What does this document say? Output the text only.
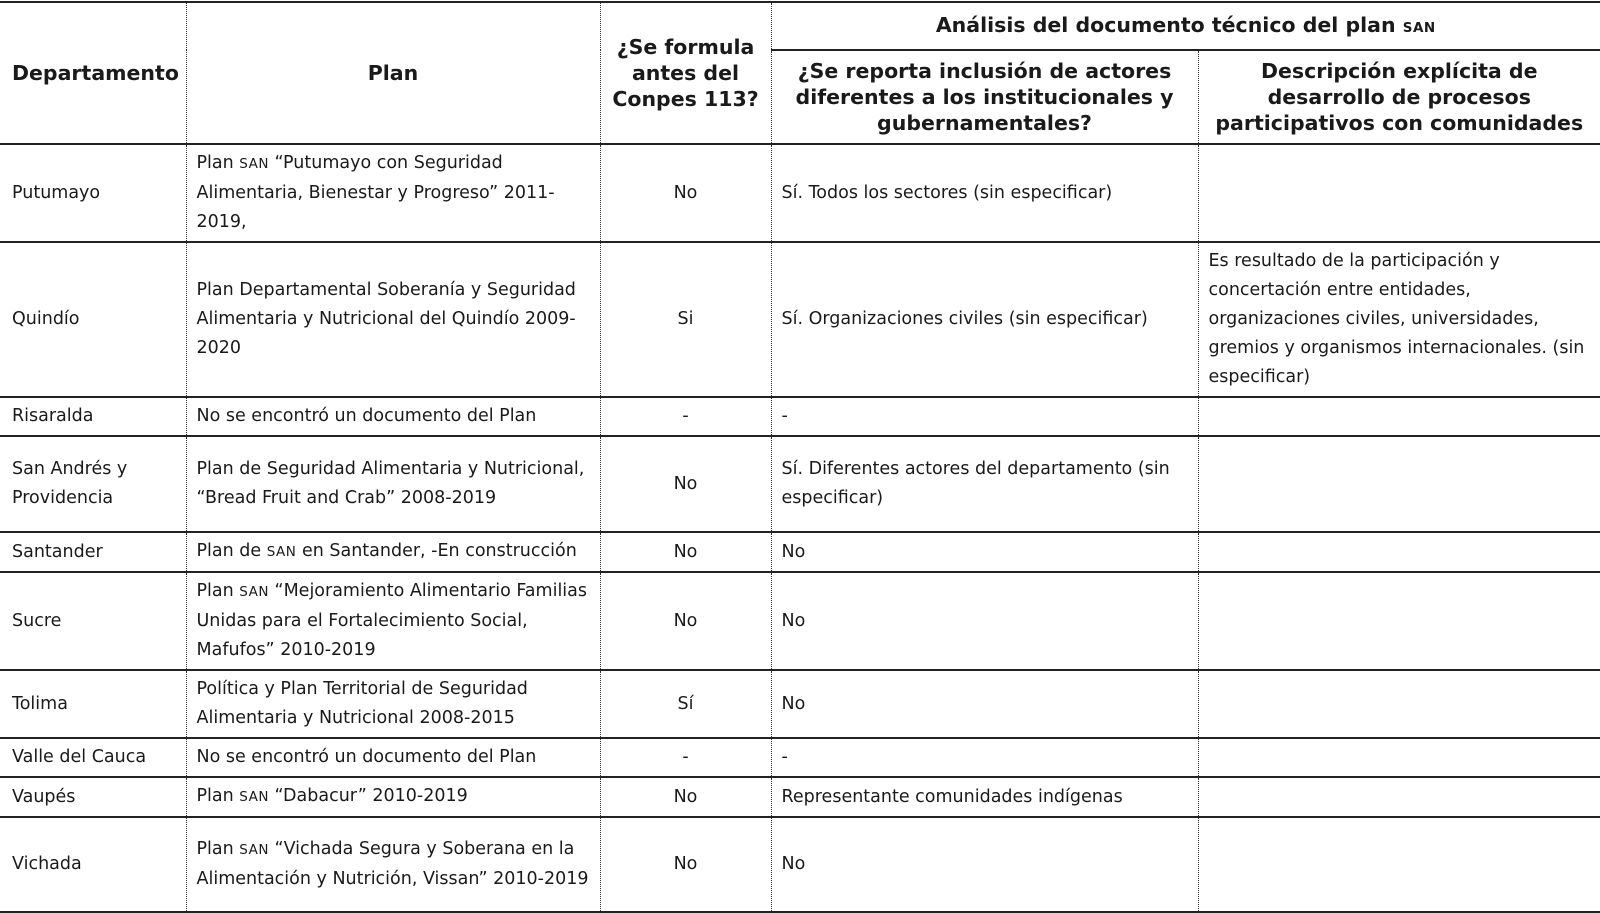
Departamento	Plan	¿Se formula antes del Conpes 113?	Análisis del documento técnico del plan SAN	
			¿Se reporta inclusión de actores diferentes a los institucionales y gubernamentales?	Descripción explícita de desarrollo de procesos participativos con comunidades
Putumayo	Plan SAN “Putumayo con Seguridad Alimentaria, Bienestar y Progreso” 2011-2019,	No	Sí. Todos los sectores (sin especificar)	
Quindío	Plan Departamental Soberanía y Seguridad Alimentaria y Nutricional del Quindío 2009-2020	Si	Sí. Organizaciones civiles (sin especificar)	Es resultado de la participación y concertación entre entidades, organizaciones civiles, universidades, gremios y organismos internacionales. (sin especificar)
Risaralda	No se encontró un documento del Plan	-	-	
San Andrés y Providencia	Plan de Seguridad Alimentaria y Nutricional, “Bread Fruit and Crab” 2008-2019	No	Sí. Diferentes actores del departamento (sin especificar)	
Santander	Plan de SAN en Santander, -En construcción	No	No	
Sucre	Plan SAN “Mejoramiento Alimentario Familias Unidas para el Fortalecimiento Social, Mafufos” 2010-2019	No	No	
Tolima	Política y Plan Territorial de Seguridad Alimentaria y Nutricional 2008-2015	Sí	No	
Valle del Cauca	No se encontró un documento del Plan	-	-	
Vaupés	Plan SAN “Dabacur” 2010-2019	No	Representante comunidades indígenas	
Vichada	Plan SAN “Vichada Segura y Soberana en la Alimentación y Nutrición, Vissan” 2010-2019	No	No	
